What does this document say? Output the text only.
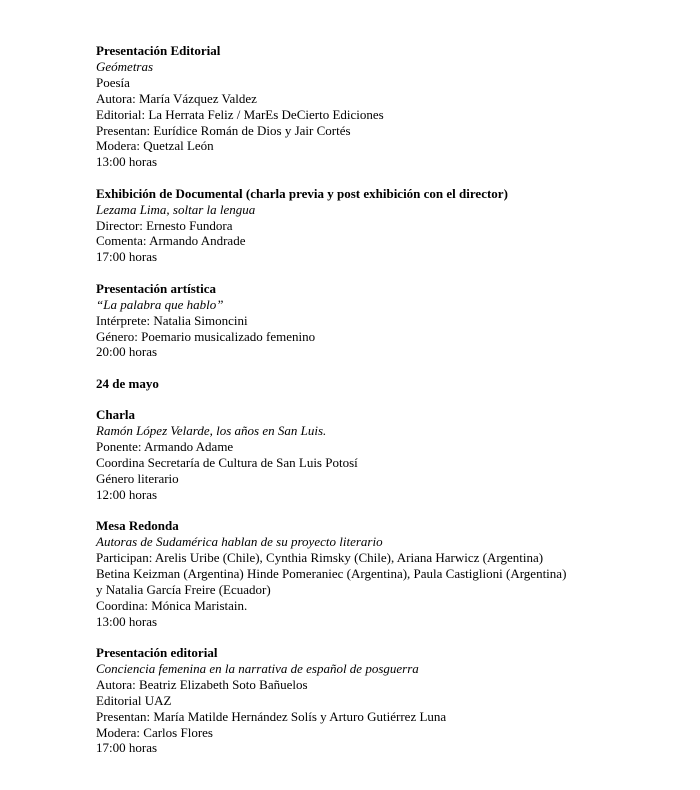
Presentación Editorial
Geómetras
Poesía
Autora: María Vázquez Valdez
Editorial: La Herrata Feliz / MarEs DeCierto Ediciones
Presentan: Eurídice Román de Dios y Jair Cortés
Modera: Quetzal León
13:00 horas
Exhibición de Documental (charla previa y post exhibición con el director)
Lezama Lima, soltar la lengua
Director: Ernesto Fundora
Comenta: Armando Andrade
17:00 horas
Presentación artística
“La palabra que hablo”
Intérprete: Natalia Simoncini
Género: Poemario musicalizado femenino
20:00 horas
24 de mayo
Charla
Ramón López Velarde, los años en San Luis.
Ponente: Armando Adame
Coordina Secretaría de Cultura de San Luis Potosí
Género literario
12:00 horas
Mesa Redonda
Autoras de Sudamérica hablan de su proyecto literario
Participan: Arelis Uribe (Chile), Cynthia Rimsky (Chile), Ariana Harwicz (Argentina)
Betina Keizman (Argentina) Hinde Pomeraniec (Argentina), Paula Castiglioni (Argentina)
y Natalia García Freire (Ecuador)
Coordina: Mónica Maristain.
13:00 horas
Presentación editorial
Conciencia femenina en la narrativa de español de posguerra
Autora: Beatriz Elizabeth Soto Bañuelos
Editorial UAZ
Presentan: María Matilde Hernández Solís y Arturo Gutiérrez Luna
Modera: Carlos Flores
17:00 horas
